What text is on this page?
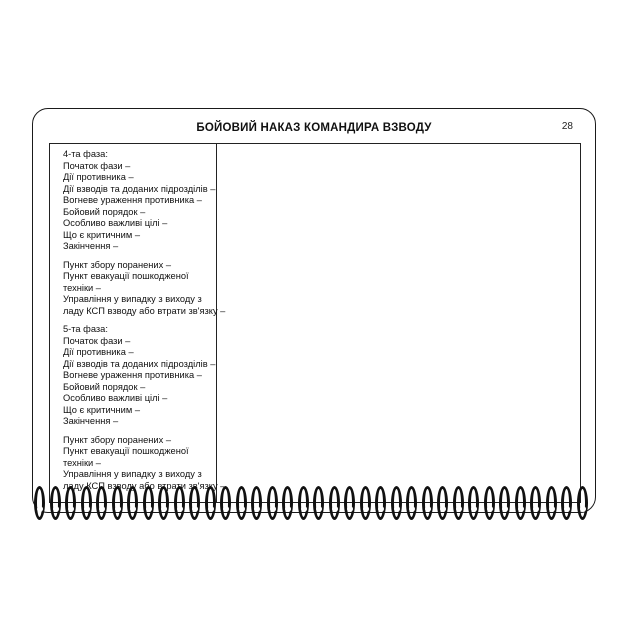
БОЙОВИЙ НАКАЗ КОМАНДИРА ВЗВОДУ	28
4-та фаза:
Початок фази –
Дії противника –
Дії взводів та доданих підрозділів –
Вогневе ураження противника –
Бойовий порядок –
Особливо важливі цілі –
Що є критичним –
Закінчення –
Пункт збору поранених –
Пункт евакуації пошкодженої
техніки –
Управління у випадку з виходу з
ладу КСП взводу або втрати зв'язку –
5-та фаза:
Початок фази –
Дії противника –
Дії взводів та доданих підрозділів –
Вогневе ураження противника –
Бойовий порядок –
Особливо важливі цілі –
Що є критичним –
Закінчення –
Пункт збору поранених –
Пункт евакуації пошкодженої
техніки –
Управління у випадку з виходу з
ладу КСП взводу або втрати зв'язку –
